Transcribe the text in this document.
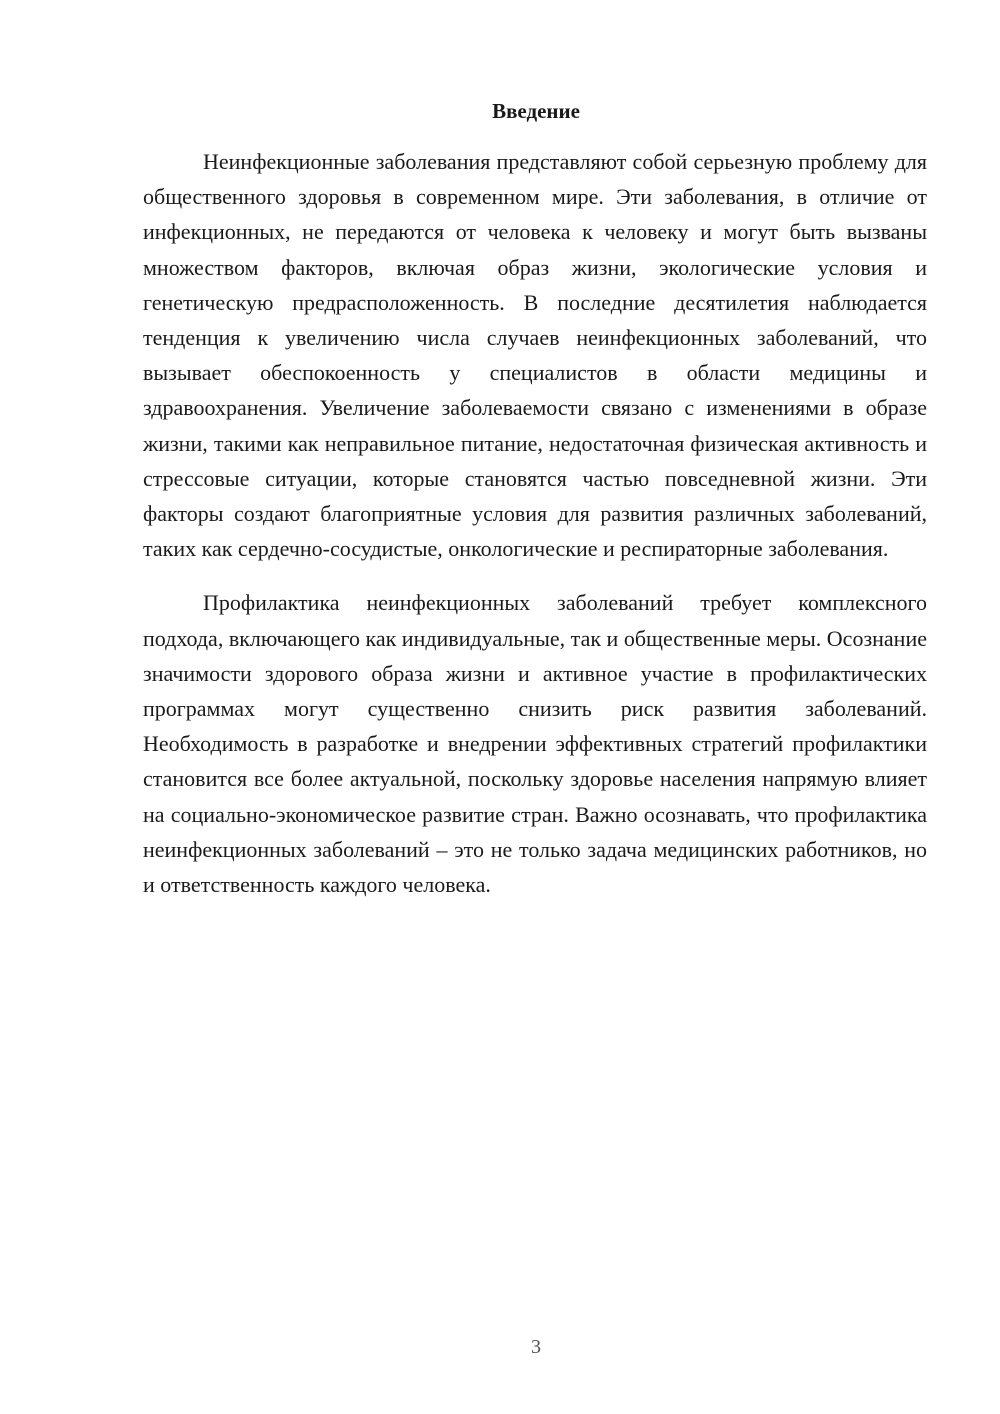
Введение

Неинфекционные заболевания представляют собой серьезную проблему для общественного здоровья в современном мире. Эти заболевания, в отличие от инфекционных, не передаются от человека к человеку и могут быть вызваны множеством факторов, включая образ жизни, экологические условия и генетическую предрасположенность. В последние десятилетия наблюдается тенденция к увеличению числа случаев неинфекционных заболеваний, что вызывает обеспокоенность у специалистов в области медицины и здравоохранения. Увеличение заболеваемости связано с изменениями в образе жизни, такими как неправильное питание, недостаточная физическая активность и стрессовые ситуации, которые становятся частью повседневной жизни. Эти факторы создают благоприятные условия для развития различных заболеваний, таких как сердечно-сосудистые, онкологические и респираторные заболевания.

Профилактика неинфекционных заболеваний требует комплексного подхода, включающего как индивидуальные, так и общественные меры. Осознание значимости здорового образа жизни и активное участие в профилактических программах могут существенно снизить риск развития заболеваний. Необходимость в разработке и внедрении эффективных стратегий профилактики становится все более актуальной, поскольку здоровье населения напрямую влияет на социально-экономическое развитие стран. Важно осознавать, что профилактика неинфекционных заболеваний – это не только задача медицинских работников, но и ответственность каждого человека.

3
